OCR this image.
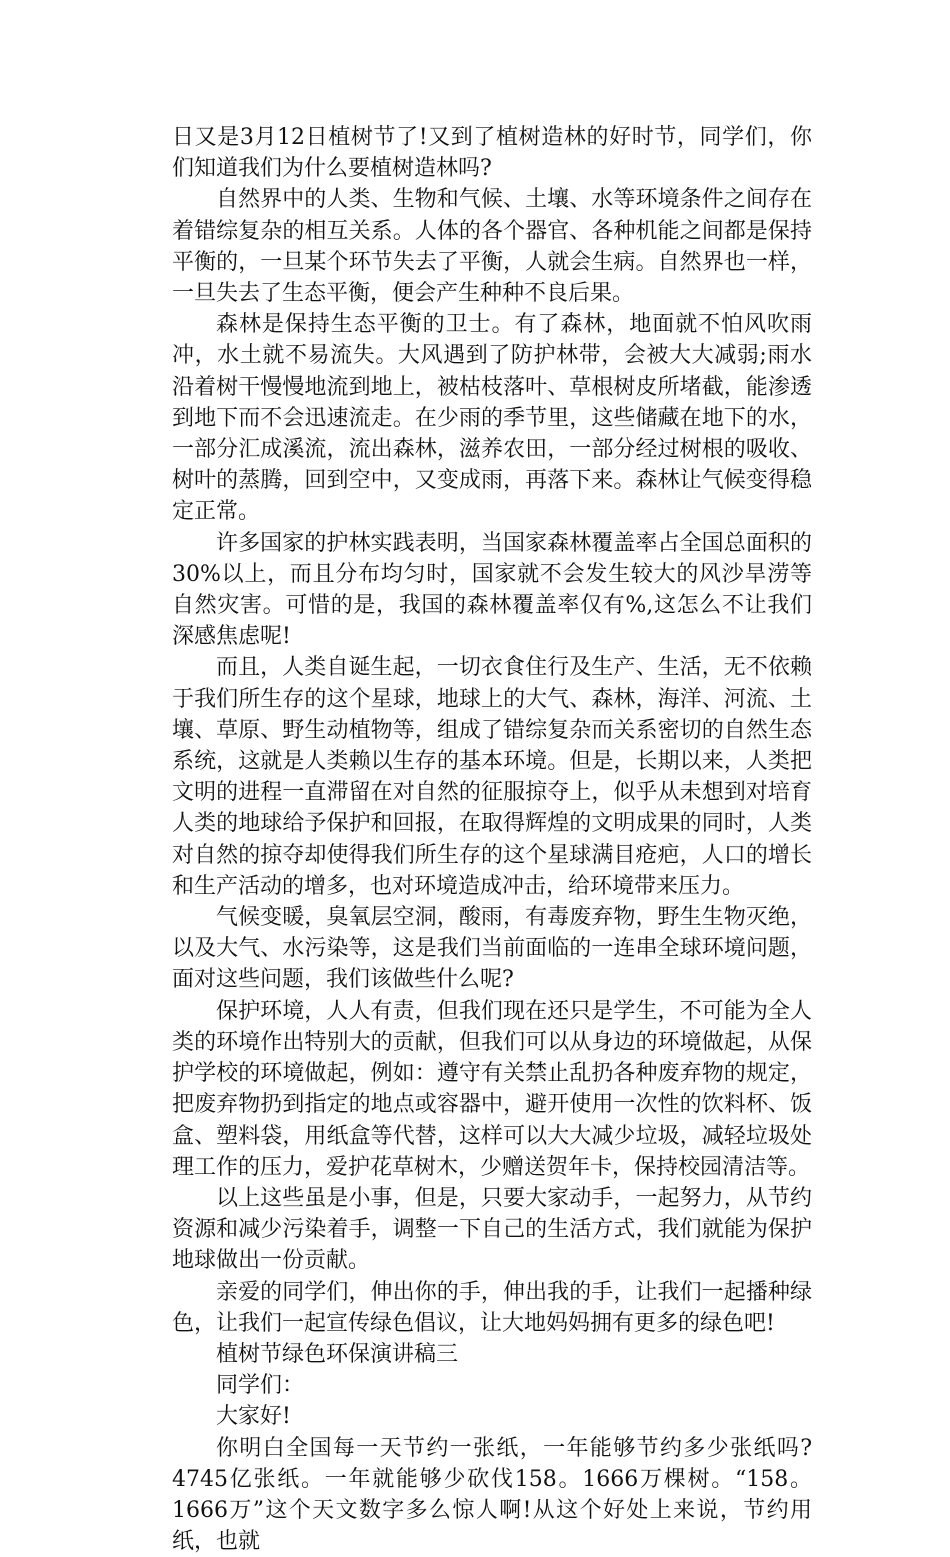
日又是3月12日植树节了!又到了植树造林的好时节，同学们，你们知道我们为什么要植树造林吗?

自然界中的人类、生物和气候、土壤、水等环境条件之间存在着错综复杂的相互关系。人体的各个器官、各种机能之间都是保持平衡的，一旦某个环节失去了平衡，人就会生病。自然界也一样，一旦失去了生态平衡，便会产生种种不良后果。

森林是保持生态平衡的卫士。有了森林，地面就不怕风吹雨冲，水土就不易流失。大风遇到了防护林带，会被大大减弱;雨水沿着树干慢慢地流到地上，被枯枝落叶、草根树皮所堵截，能渗透到地下而不会迅速流走。在少雨的季节里，这些储藏在地下的水，一部分汇成溪流，流出森林，滋养农田，一部分经过树根的吸收、树叶的蒸腾，回到空中，又变成雨，再落下来。森林让气候变得稳定正常。

许多国家的护林实践表明，当国家森林覆盖率占全国总面积的30%以上，而且分布均匀时，国家就不会发生较大的风沙旱涝等自然灾害。可惜的是，我国的森林覆盖率仅有%,这怎么不让我们深感焦虑呢!

而且，人类自诞生起，一切衣食住行及生产、生活，无不依赖于我们所生存的这个星球，地球上的大气、森林，海洋、河流、土壤、草原、野生动植物等，组成了错综复杂而关系密切的自然生态系统，这就是人类赖以生存的基本环境。但是，长期以来，人类把文明的进程一直滞留在对自然的征服掠夺上，似乎从未想到对培育人类的地球给予保护和回报，在取得辉煌的文明成果的同时，人类对自然的掠夺却使得我们所生存的这个星球满目疮疤，人口的增长和生产活动的增多，也对环境造成冲击，给环境带来压力。

气候变暖，臭氧层空洞，酸雨，有毒废弃物，野生生物灭绝，以及大气、水污染等，这是我们当前面临的一连串全球环境问题，面对这些问题，我们该做些什么呢?

保护环境，人人有责，但我们现在还只是学生，不可能为全人类的环境作出特别大的贡献，但我们可以从身边的环境做起，从保护学校的环境做起，例如：遵守有关禁止乱扔各种废弃物的规定，把废弃物扔到指定的地点或容器中，避开使用一次性的饮料杯、饭盒、塑料袋，用纸盒等代替，这样可以大大减少垃圾，减轻垃圾处理工作的压力，爱护花草树木，少赠送贺年卡，保持校园清洁等。

以上这些虽是小事，但是，只要大家动手，一起努力，从节约资源和减少污染着手，调整一下自己的生活方式，我们就能为保护地球做出一份贡献。

亲爱的同学们，伸出你的手，伸出我的手，让我们一起播种绿色，让我们一起宣传绿色倡议，让大地妈妈拥有更多的绿色吧!

植树节绿色环保演讲稿三

同学们：

大家好!

你明白全国每一天节约一张纸，一年能够节约多少张纸吗?4745亿张纸。一年就能够少砍伐158。1666万棵树。“158。1666万”这个天文数字多么惊人啊!从这个好处上来说，节约用纸，也就
